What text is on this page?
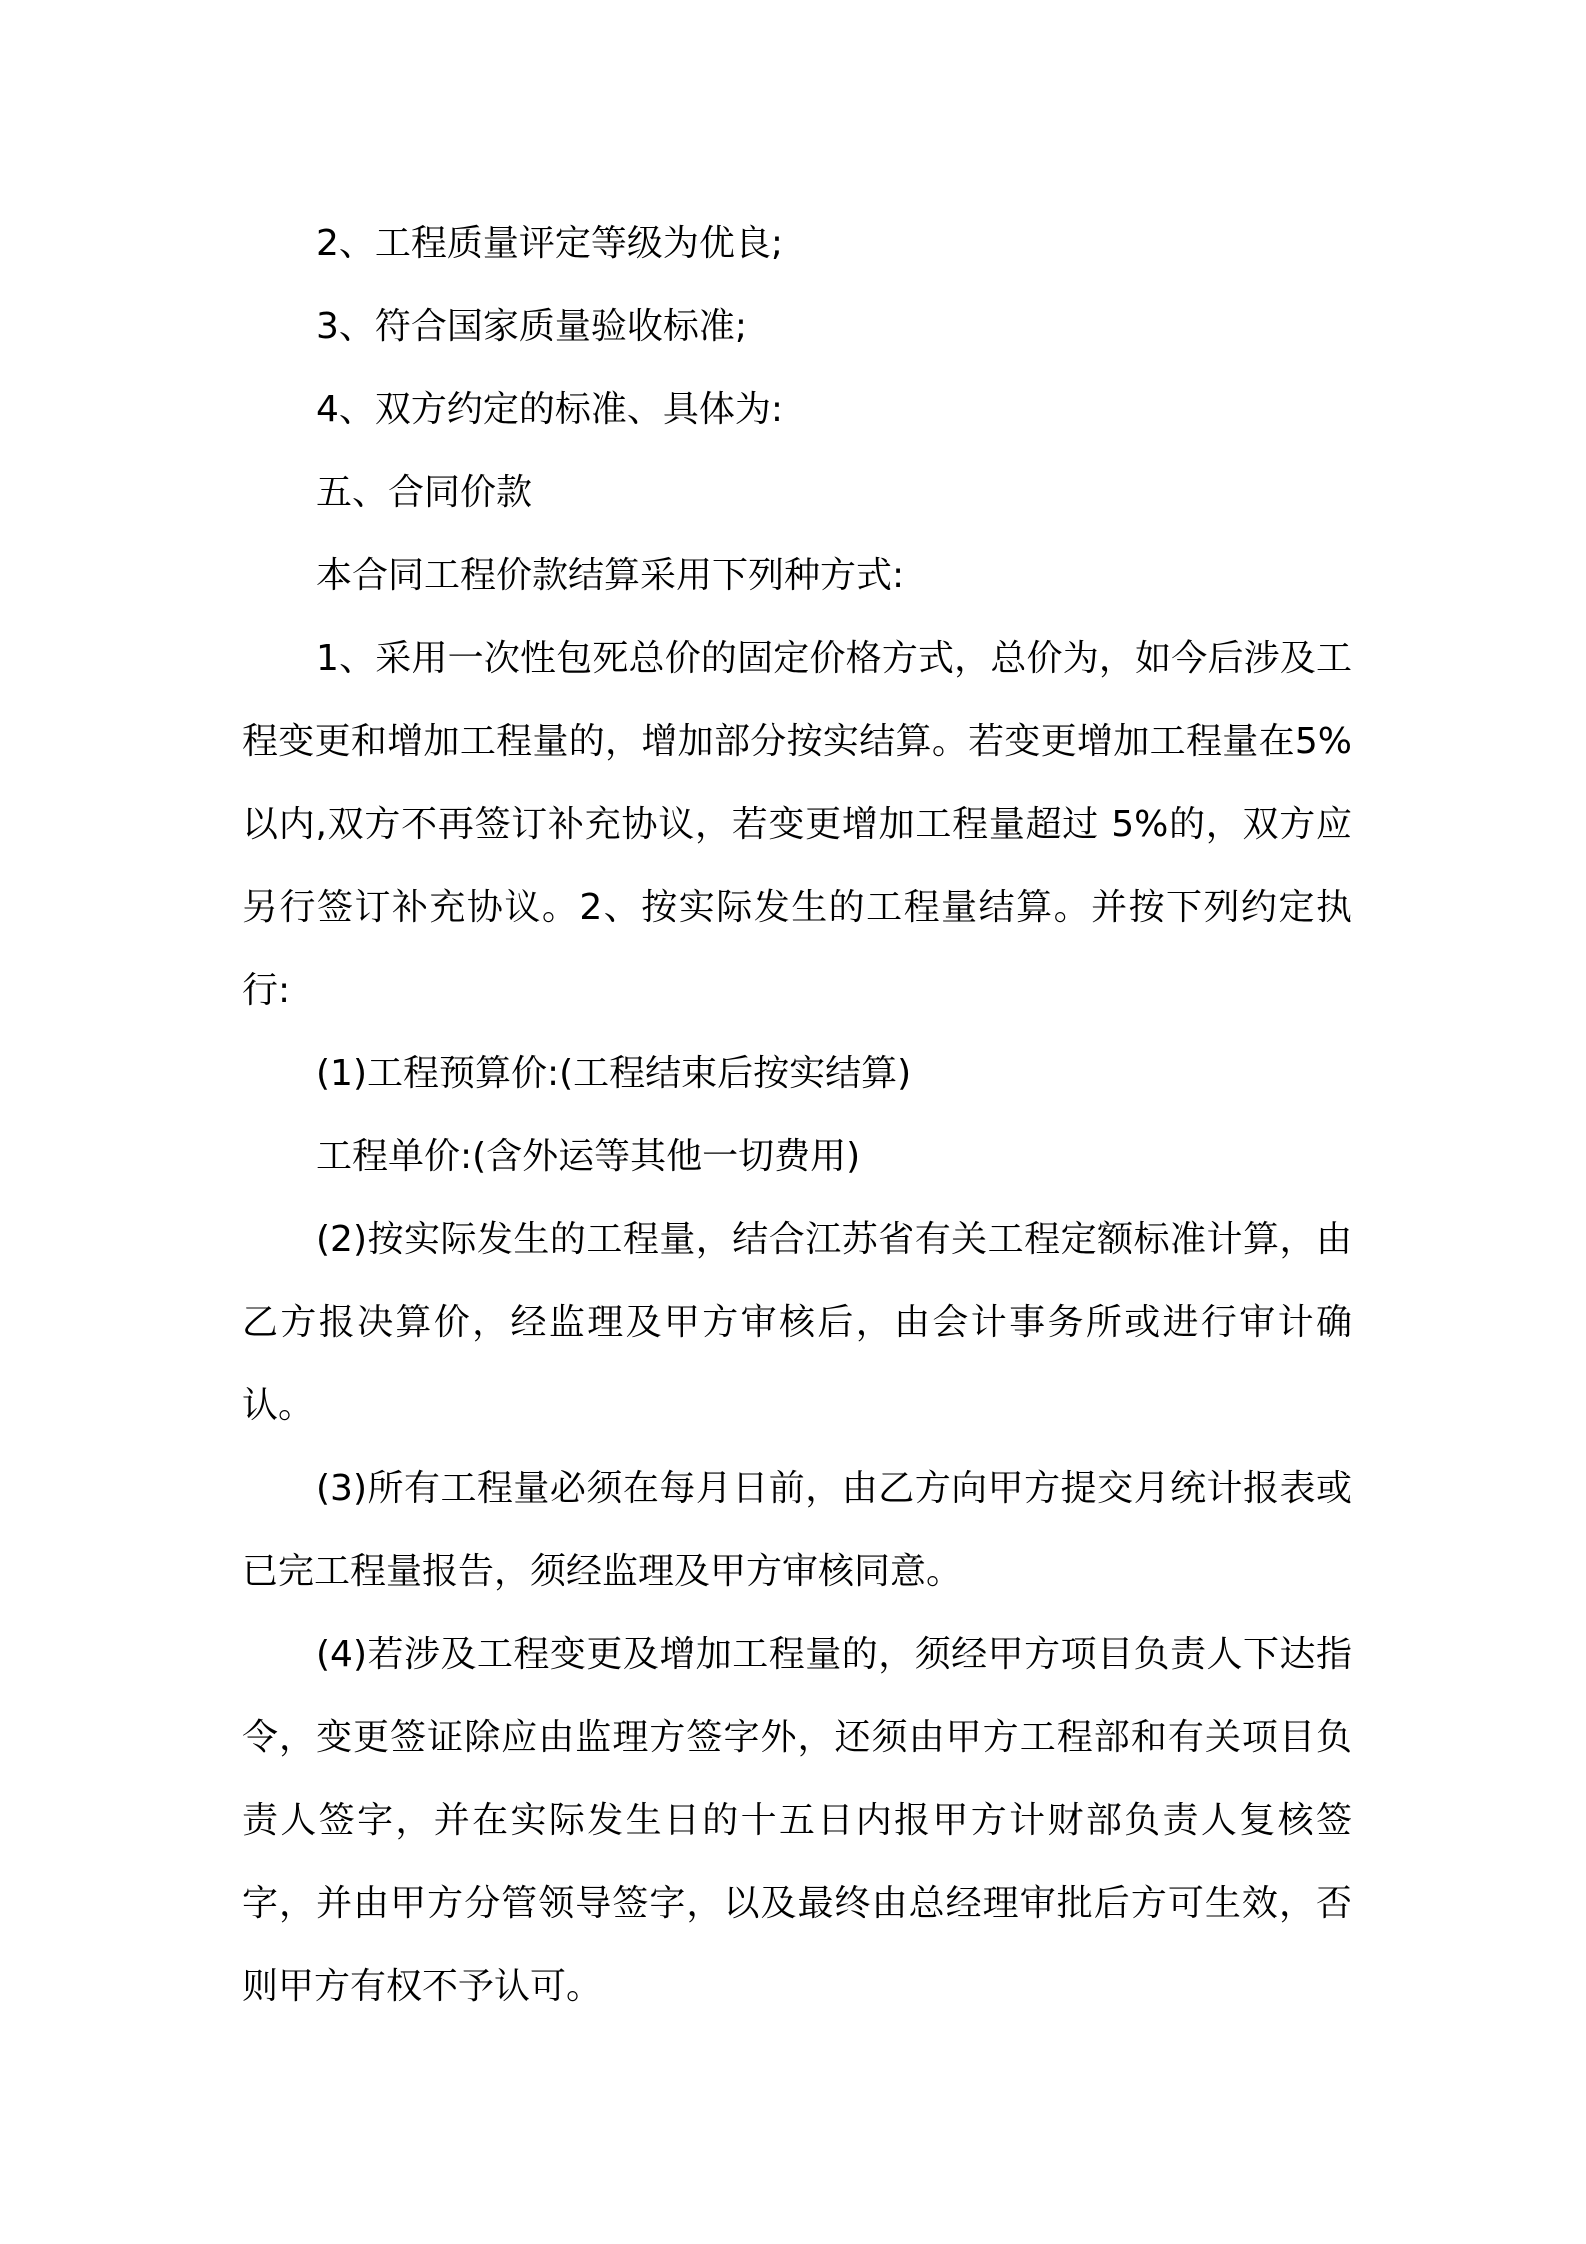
2、工程质量评定等级为优良;

3、符合国家质量验收标准;

4、双方约定的标准、具体为:

五、合同价款

本合同工程价款结算采用下列种方式:

1、采用一次性包死总价的固定价格方式，总价为，如今后涉及工程变更和增加工程量的，增加部分按实结算。若变更增加工程量在5%以内,双方不再签订补充协议，若变更增加工程量超过 5%的，双方应另行签订补充协议。2、按实际发生的工程量结算。并按下列约定执行:

(1)工程预算价:(工程结束后按实结算)

工程单价:(含外运等其他一切费用)

(2)按实际发生的工程量，结合江苏省有关工程定额标准计算，由乙方报决算价，经监理及甲方审核后，由会计事务所或进行审计确认。

(3)所有工程量必须在每月日前，由乙方向甲方提交月统计报表或已完工程量报告，须经监理及甲方审核同意。

(4)若涉及工程变更及增加工程量的，须经甲方项目负责人下达指令，变更签证除应由监理方签字外，还须由甲方工程部和有关项目负责人签字，并在实际发生日的十五日内报甲方计财部负责人复核签字，并由甲方分管领导签字，以及最终由总经理审批后方可生效，否则甲方有权不予认可。
